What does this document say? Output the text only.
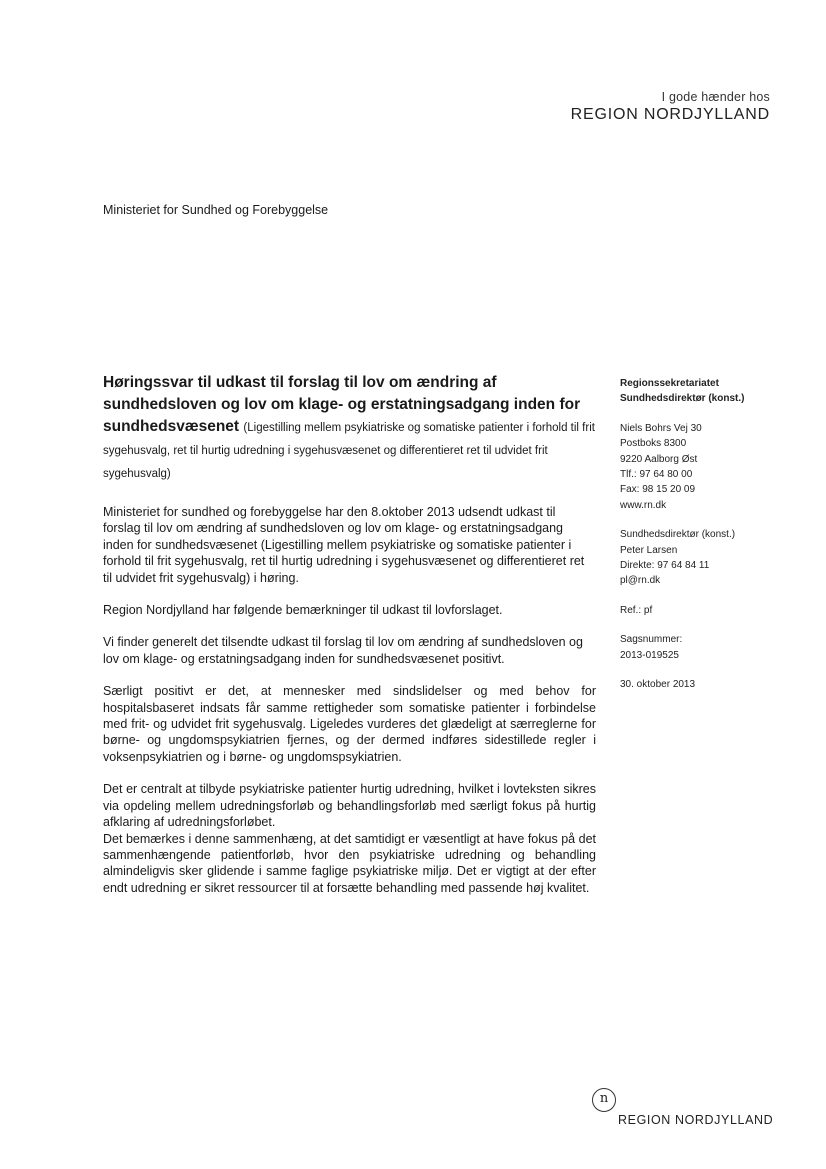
I gode hænder hos
REGION NORDJYLLAND
Ministeriet for Sundhed og Forebyggelse

Høringssvar til udkast til forslag til lov om ændring af sundhedsloven og lov om klage- og erstatningsadgang inden for sundhedsvæsenet (Ligestilling mellem psykiatriske og somatiske patienter i forhold til frit sygehusvalg, ret til hurtig udredning i sygehusvæsenet og differentieret ret til udvidet frit sygehusvalg)

Ministeriet for sundhed og forebyggelse har den 8.oktober 2013 udsendt udkast til forslag til lov om ændring af sundhedsloven og lov om klage- og erstatningsadgang inden for sundhedsvæsenet (Ligestilling mellem psykiatriske og somatiske patienter i forhold til frit sygehusvalg, ret til hurtig udredning i sygehusvæsenet og differentieret ret til udvidet frit sygehusvalg) i høring.

Region Nordjylland har følgende bemærkninger til udkast til lovforslaget.

Vi finder generelt det tilsendte udkast til forslag til lov om ændring af sundhedsloven og lov om klage- og erstatningsadgang inden for sundhedsvæsenet positivt.

Særligt positivt er det, at mennesker med sindslidelser og med behov for hospitalsbaseret indsats får samme rettigheder som somatiske patienter i forbindelse med frit- og udvidet frit sygehusvalg. Ligeledes vurderes det glædeligt at særreglerne for børne- og ungdomspsykiatrien fjernes, og der dermed indføres sidestillede regler i voksenpsykiatrien og i børne- og ungdomspsykiatrien.

Det er centralt at tilbyde psykiatriske patienter hurtig udredning, hvilket i lovteksten sikres via opdeling mellem udredningsforløb og behandlingsforløb med særligt fokus på hurtig afklaring af udredningsforløbet.

Det bemærkes i denne sammenhæng, at det samtidigt er væsentligt at have fokus på det sammenhængende patientforløb, hvor den psykiatriske udredning og behandling almindeligvis sker glidende i samme faglige psykiatriske miljø. Det er vigtigt at der efter endt udredning er sikret ressourcer til at forsætte behandling med passende høj kvalitet.

Regionssekretariatet
Sundhedsdirektør (konst.)
Niels Bohrs Vej 30
Postboks 8300
9220 Aalborg Øst
Tlf.: 97 64 80 00
Fax: 98 15 20 09
www.rn.dk
Sundhedsdirektør (konst.)
Peter Larsen
Direkte: 97 64 84 11
pl@rn.dk
Ref.: pf
Sagsnummer:
2013-019525
30. oktober 2013
n
REGION NORDJYLLAND
